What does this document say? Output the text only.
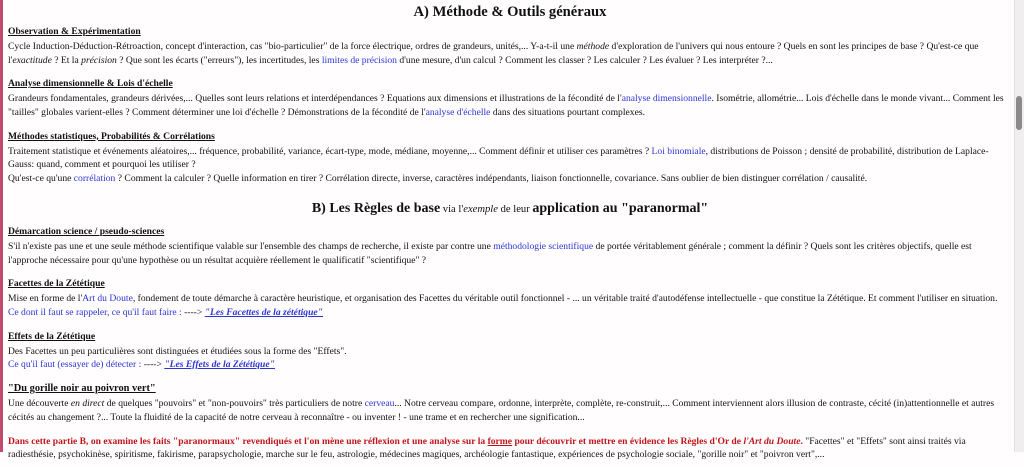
A) Méthode & Outils généraux
Observation & Expérimentation
Cycle Induction-Déduction-Rétroaction, concept d'interaction, cas "bio-particulier" de la force électrique, ordres de grandeurs, unités,... Y-a-t-il une méthode d'exploration de l'univers qui nous entoure ? Quels en sont les principes de base ? Qu'est-ce que l'exactitude ? Et la précision ? Que sont les écarts ("erreurs"), les incertitudes, les limites de précision d'une mesure, d'un calcul ? Comment les classer ? Les calculer ? Les évaluer ? Les interpréter ?...
Analyse dimensionnelle & Lois d'échelle
Grandeurs fondamentales, grandeurs dérivées,... Quelles sont leurs relations et interdépendances ? Equations aux dimensions et illustrations de la fécondité de l'analyse dimensionnelle. Isométrie, allométrie... Lois d'échelle dans le monde vivant... Comment les "tailles" globales varient-elles ? Comment déterminer une loi d'échelle ? Démonstrations de la fécondité de l'analyse d'échelle dans des situations pourtant complexes.
Méthodes statistiques, Probabilités & Corrélations
Traitement statistique et événements aléatoires,... fréquence, probabilité, variance, écart-type, mode, médiane, moyenne,... Comment définir et utiliser ces paramètres ? Loi binomiale, distributions de Poisson ; densité de probabilité, distribution de Laplace-Gauss: quand, comment et pourquoi les utiliser ?
Qu'est-ce qu'une corrélation ? Comment la calculer ? Quelle information en tirer ? Corrélation directe, inverse, caractères indépendants, liaison fonctionnelle, covariance. Sans oublier de bien distinguer corrélation / causalité.
B) Les Règles de base via l'exemple de leur application au "paranormal"
Démarcation science / pseudo-sciences
S'il n'existe pas une et une seule méthode scientifique valable sur l'ensemble des champs de recherche, il existe par contre une méthodologie scientifique de portée véritablement générale ; comment la définir ? Quels sont les critères objectifs, quelle est l'approche nécessaire pour qu'une hypothèse ou un résultat acquière réellement le qualificatif "scientifique" ?
Facettes de la Zététique
Mise en forme de l'Art du Doute, fondement de toute démarche à caractère heuristique, et organisation des Facettes du véritable outil fonctionnel - ... un véritable traité d'autodéfense intellectuelle - que constitue la Zététique. Et comment l'utiliser en situation.
Ce dont il faut se rappeler, ce qu'il faut faire : ----> "Les Facettes de la zététique"
Effets de la Zététique
Des Facettes un peu particulières sont distinguées et étudiées sous la forme des "Effets".
Ce qu'il faut (essayer de) détecter : ----> "Les Effets de la Zététique"
"Du gorille noir au poivron vert"
Une découverte en direct de quelques "pouvoirs" et "non-pouvoirs" très particuliers de notre cerveau... Notre cerveau compare, ordonne, interprète, complète, re-construit,... Comment interviennent alors illusion de contraste, cécité (in)attentionnelle et autres cécités au changement ?... Toute la fluidité de la capacité de notre cerveau à reconnaître - ou inventer ! - une trame et en rechercher une signification...
Dans cette partie B, on examine les faits "paranormaux" revendiqués et l'on mène une réflexion et une analyse sur la forme pour découvrir et mettre en évidence les Règles d'Or de l'Art du Doute. "Facettes" et "Effets" sont ainsi traités via radiesthésie, psychokinèse, spiritisme, fakirisme, parapsychologie, marche sur le feu, astrologie, médecines magiques, archéologie fantastique, expériences de psychologie sociale, "gorille noir" et "poivron vert",...
